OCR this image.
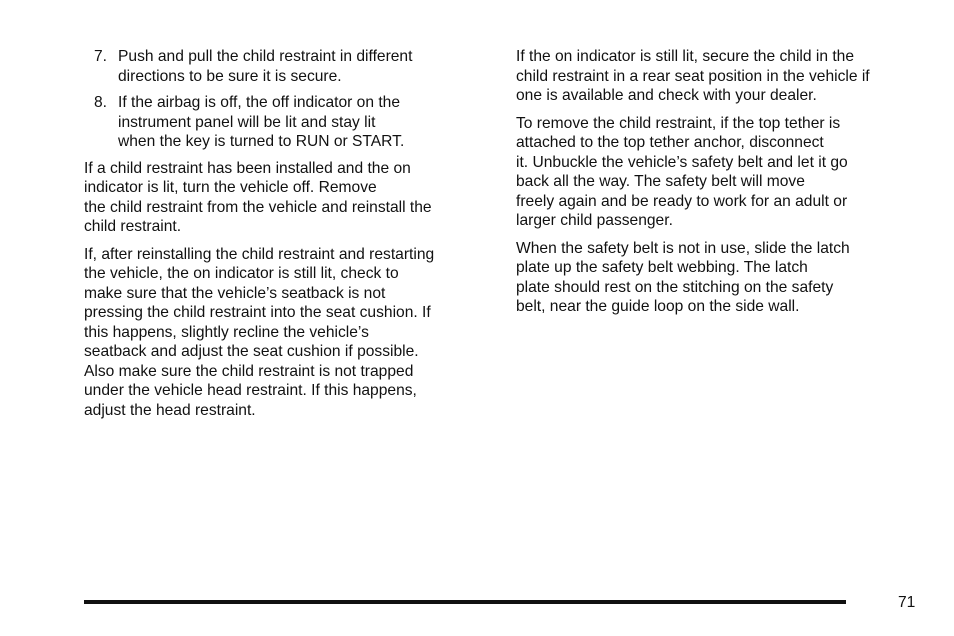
7. Push and pull the child restraint in different
directions to be sure it is secure.
8. If the airbag is off, the off indicator on the
instrument panel will be lit and stay lit
when the key is turned to RUN or START.

If a child restraint has been installed and the on
indicator is lit, turn the vehicle off. Remove
the child restraint from the vehicle and reinstall the
child restraint.

If, after reinstalling the child restraint and restarting
the vehicle, the on indicator is still lit, check to
make sure that the vehicle’s seatback is not
pressing the child restraint into the seat cushion. If
this happens, slightly recline the vehicle’s
seatback and adjust the seat cushion if possible.
Also make sure the child restraint is not trapped
under the vehicle head restraint. If this happens,
adjust the head restraint.

If the on indicator is still lit, secure the child in the
child restraint in a rear seat position in the vehicle if
one is available and check with your dealer.

To remove the child restraint, if the top tether is
attached to the top tether anchor, disconnect
it. Unbuckle the vehicle’s safety belt and let it go
back all the way. The safety belt will move
freely again and be ready to work for an adult or
larger child passenger.

When the safety belt is not in use, slide the latch
plate up the safety belt webbing. The latch
plate should rest on the stitching on the safety
belt, near the guide loop on the side wall.

71
